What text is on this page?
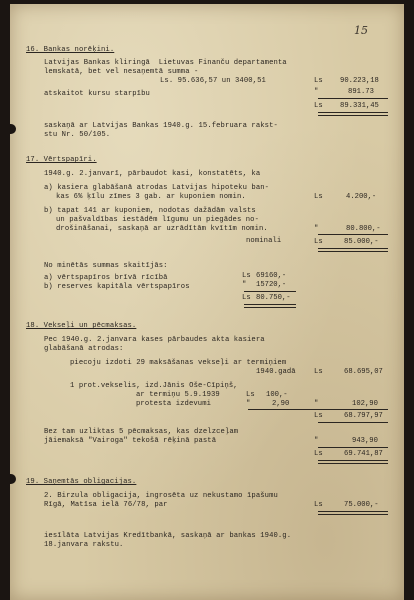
15
16. Bankas norēķini.
Latvijas Bankas kliringā  Lietuvas Finanču departamenta
lemskatā, bet vel nesaņemtā summa -
Ls. 95.636,57 un 3400,51
atskaitot kursu starpību
Ls 90.223,18
"	891.73
Ls 89.331,45
saskaņā ar Latvijas Bankas 1940.g. 15.februara rakst-
stu Nr. 50/105.
17. Vērtspapīri.
1940.g. 2.janvarī, pārbaudot kasi, konstatēts, ka
a) kasiera glabāšanā atrodas Latvijas hipoteku ban-
kas 6% ķīlu zīmes 3 gab. ar kuponiem nomin.	Ls	4.200,-
b) tapat 141 ar kuponiem, nodotas dažādām valsts
un pašvaldības iestādēm līgumu un piegādes no-
drošināšanai, saskaņā ar uzrādītām kvītīm nomin.	"	80.800,-
nominali	Ls	85.000,-
No minētās summas skaitījās:
a) vērtspapīros brīvā rīcībā	Ls 69160,-
b) reserves kapitāla vērtspapīros	" 15720,-
Ls 80.750,-
18. Vekseļi un pēcmaksas.
Pec 1940.g. 2.janvara kases pārbaudes akta kasiera
glabāšanā atrodas:
piecoju izdoti 29 maksāšanas vekseļi ar termiņiem
1940.gadā	Ls	68.695,07
1 prot.vekselis, izd.Jānis Oše-Cīpiņš,
ar termiņu 5.9.1939	Ls 100,-
protesta izdevumi	"	2,90	"	102,90
Ls	68.797,97
Bez tam uzliktas 5 pēcmaksas, kas dzelzceļam
jāiemaksā "Vairoga" tekošā rēķinā pastā	"	943,90
Ls	69.741,87
19. Saņemtās obligacijas.
2. Birzula obligacija, ingrosēta uz nekustamo īpašumu
Rīgā, Matīsa ielā 76/78, par	Ls	75.000,-
iesīlāta Latvijas Kredītbankā, saskaņā ar bankas 1940.g.
18.janvara rakstu.
